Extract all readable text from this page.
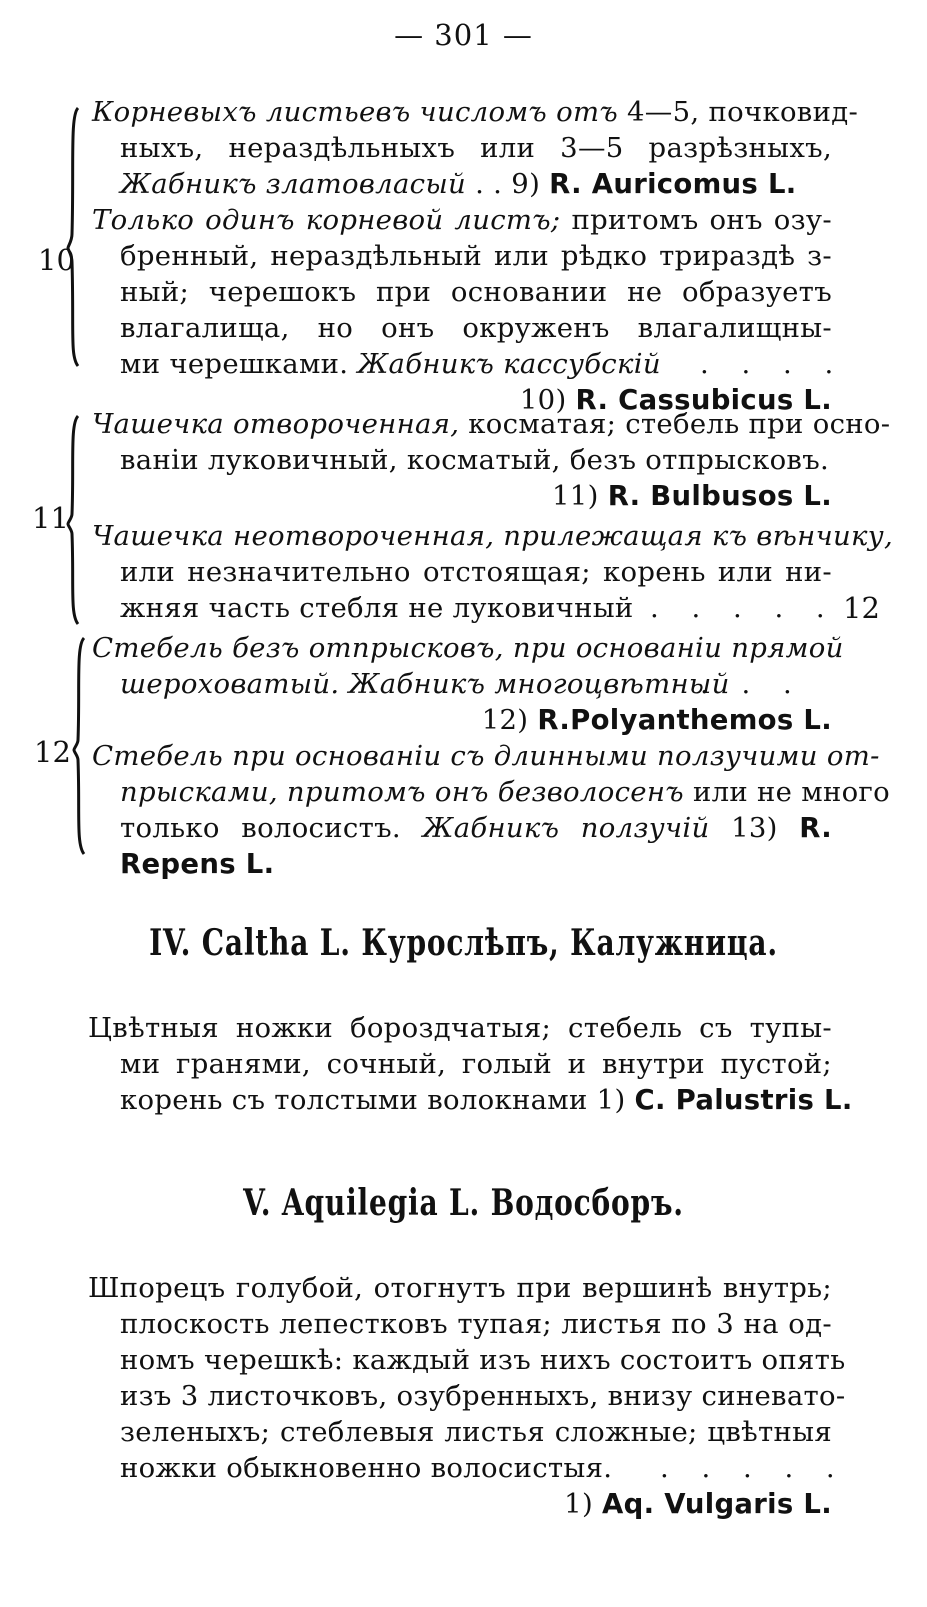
— 301 —
10
Корневыхъ листьевъ числомъ отъ 4—5, почковид-
ныхъ, нераздѣльныхъ или 3—5 разрѣзныхъ,
Жабникъ златовласый . . 9) R. Auricomus L.
Только одинъ корневой листъ; притомъ онъ озу-
бренный, нераздѣльный или рѣдко трираздѣ з-
ный; черешокъ при основании не образуетъ
влагалища, но онъ окруженъ влагалищны-
ми черешками. Жабникъ кассубскій . . . .
10) R. Cassubicus L.
11
Чашечка отвороченная, косматая; стебель при осно-
ваніи луковичный, косматый, безъ отпрысковъ.
11) R. Bulbusos L.
Чашечка неотвороченная, прилежащая къ вѣнчику,
или незначительно отстоящая; корень или ни-
жняя часть стебля не луковичный . . . . . 12
12
Стебель безъ отпрысковъ, при основаніи прямой
шероховатый. Жабникъ многоцвѣтный
. . .
12) R.Polyanthemos L.
Стебель при основаніи съ длинными ползучими от-
прысками, притомъ онъ безволосенъ или не много
только волосистъ. Жабникъ ползучій 13) R.
Repens L.
IV. Caltha L. Курослѣпъ, Калужница.
Цвѣтныя ножки бороздчатыя; стебель съ тупы-
ми гранями, сочный, голый и внутри пустой;
корень съ толстыми волокнами 1) C. Palustris L.
V. Aquilegia L. Водосборъ.
Шпорецъ голубой, отогнутъ при вершинѣ внутрь;
плоскость лепестковъ тупая; листья по 3 на од-
номъ черешкѣ: каждый изъ нихъ состоитъ опять
изъ 3 листочковъ, озубренныхъ, внизу синевато-
зеленыхъ; стеблевыя листья сложные; цвѣтныя
ножки обыкновенно волосистыя. . . . . .
1) Aq. Vulgaris L.
